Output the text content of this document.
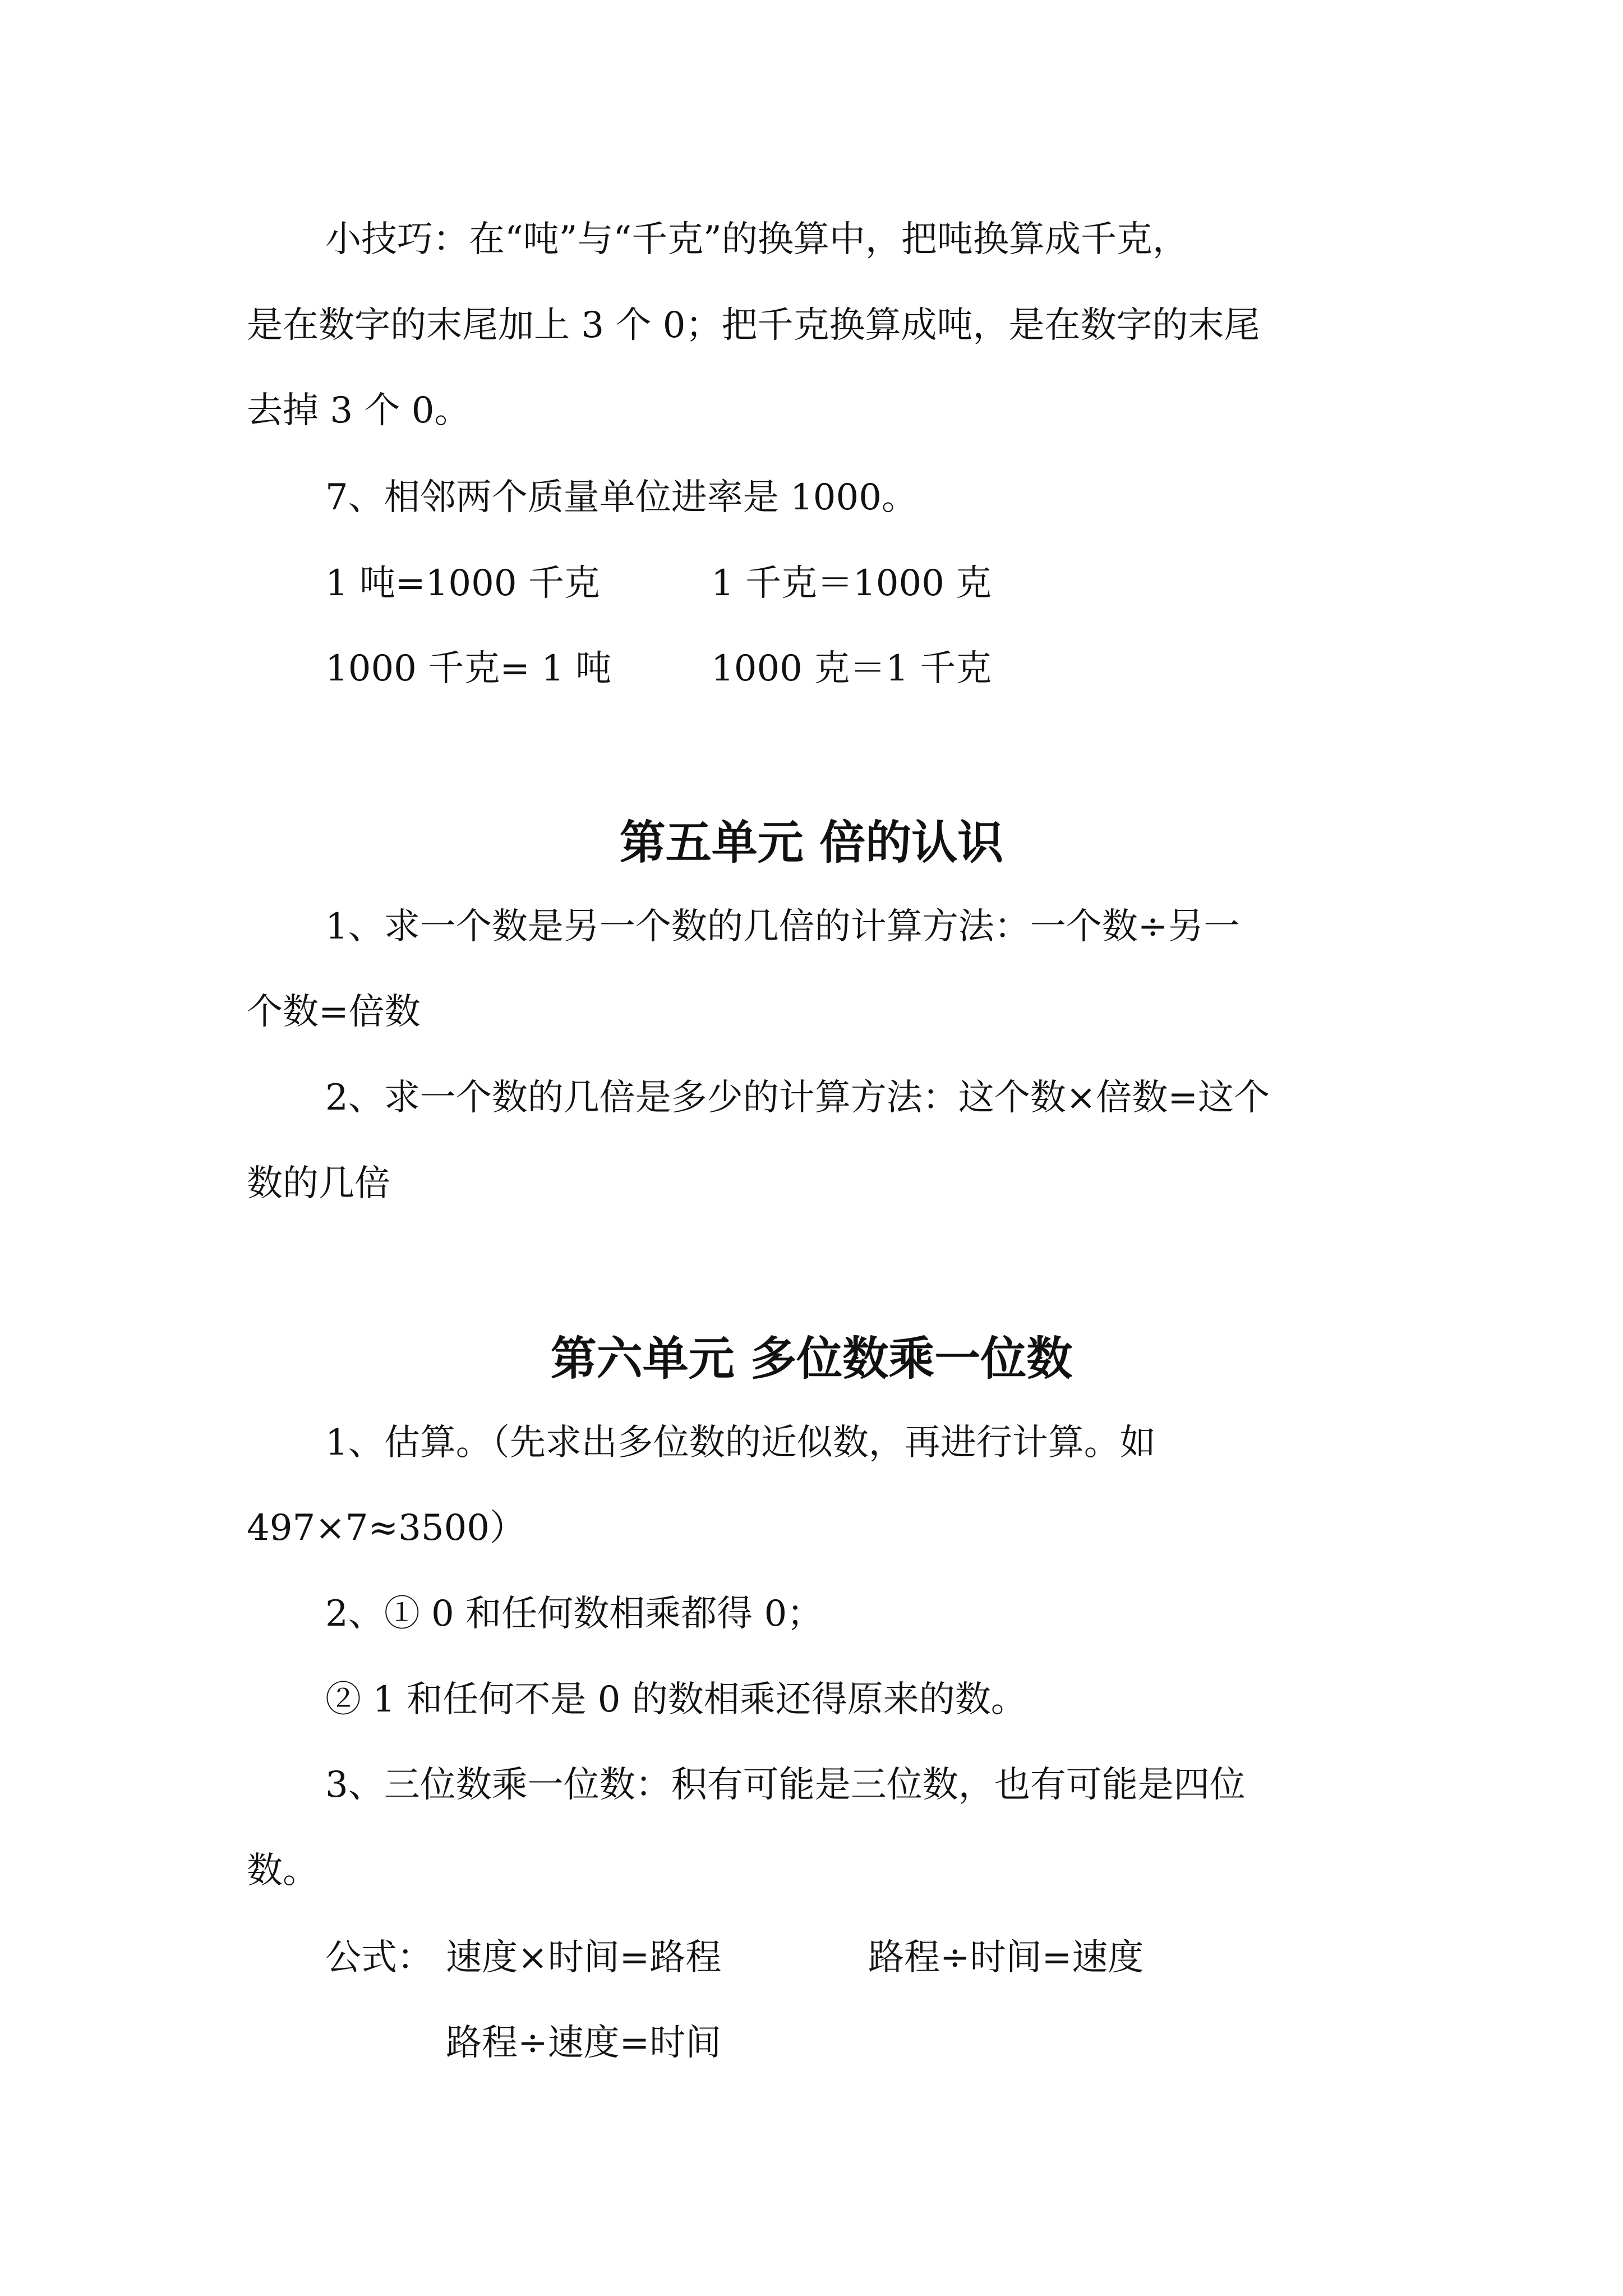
小技巧：在“吨”与“千克”的换算中，把吨换算成千克，
是在数字的末尾加上 3 个 0；把千克换算成吨，是在数字的末尾
去掉 3 个 0。
7、相邻两个质量单位进率是 1000。
1 吨=1000 千克	1 千克＝1000 克
1000 千克= 1 吨	1000 克＝1 千克
第五单元 倍的认识
1、求一个数是另一个数的几倍的计算方法：一个数÷另一
个数=倍数
2、求一个数的几倍是多少的计算方法：这个数×倍数=这个
数的几倍
第六单元 多位数乘一位数
1、估算。（先求出多位数的近似数，再进行计算。如
497×7≈3500）
2、① 0 和任何数相乘都得 0；
② 1 和任何不是 0 的数相乘还得原来的数。
3、三位数乘一位数：积有可能是三位数，也有可能是四位
数。
公式： 速度×时间=路程	路程÷时间=速度
路程÷速度=时间
